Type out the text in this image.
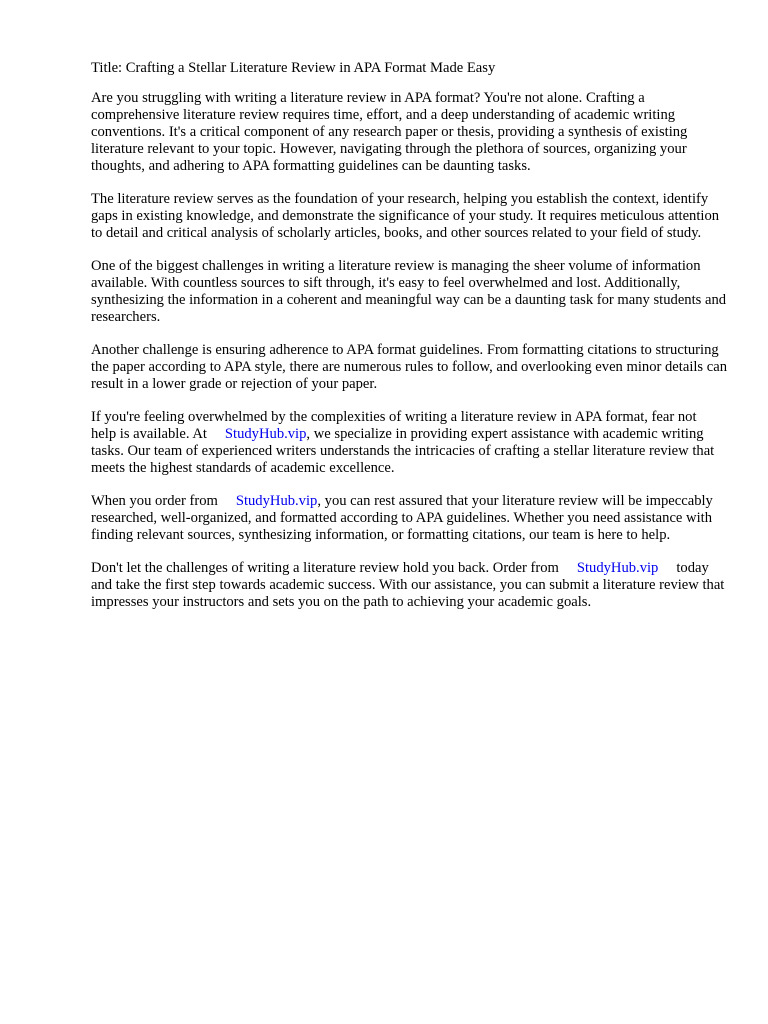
Title: Crafting a Stellar Literature Review in APA Format Made Easy

Are you struggling with writing a literature review in APA format? You're not alone. Crafting a comprehensive literature review requires time, effort, and a deep understanding of academic writing conventions. It's a critical component of any research paper or thesis, providing a synthesis of existing literature relevant to your topic. However, navigating through the plethora of sources, organizing your thoughts, and adhering to APA formatting guidelines can be daunting tasks.

The literature review serves as the foundation of your research, helping you establish the context, identify gaps in existing knowledge, and demonstrate the significance of your study. It requires meticulous attention to detail and critical analysis of scholarly articles, books, and other sources related to your field of study.

One of the biggest challenges in writing a literature review is managing the sheer volume of information available. With countless sources to sift through, it's easy to feel overwhelmed and lost. Additionally, synthesizing the information in a coherent and meaningful way can be a daunting task for many students and researchers.

Another challenge is ensuring adherence to APA format guidelines. From formatting citations to structuring the paper according to APA style, there are numerous rules to follow, and overlooking even minor details can result in a lower grade or rejection of your paper.

If you're feeling overwhelmed by the complexities of writing a literature review in APA format, fear not    help is available. At StudyHub.vip, we specialize in providing expert assistance with academic writing tasks. Our team of experienced writers understands the intricacies of crafting a stellar literature review that meets the highest standards of academic excellence.

When you order from StudyHub.vip, you can rest assured that your literature review will be impeccably researched, well-organized, and formatted according to APA guidelines. Whether you need assistance with finding relevant sources, synthesizing information, or formatting citations, our team is here to help.

Don't let the challenges of writing a literature review hold you back. Order from StudyHub.vip today and take the first step towards academic success. With our assistance, you can submit a literature review that impresses your instructors and sets you on the path to achieving your academic goals.
